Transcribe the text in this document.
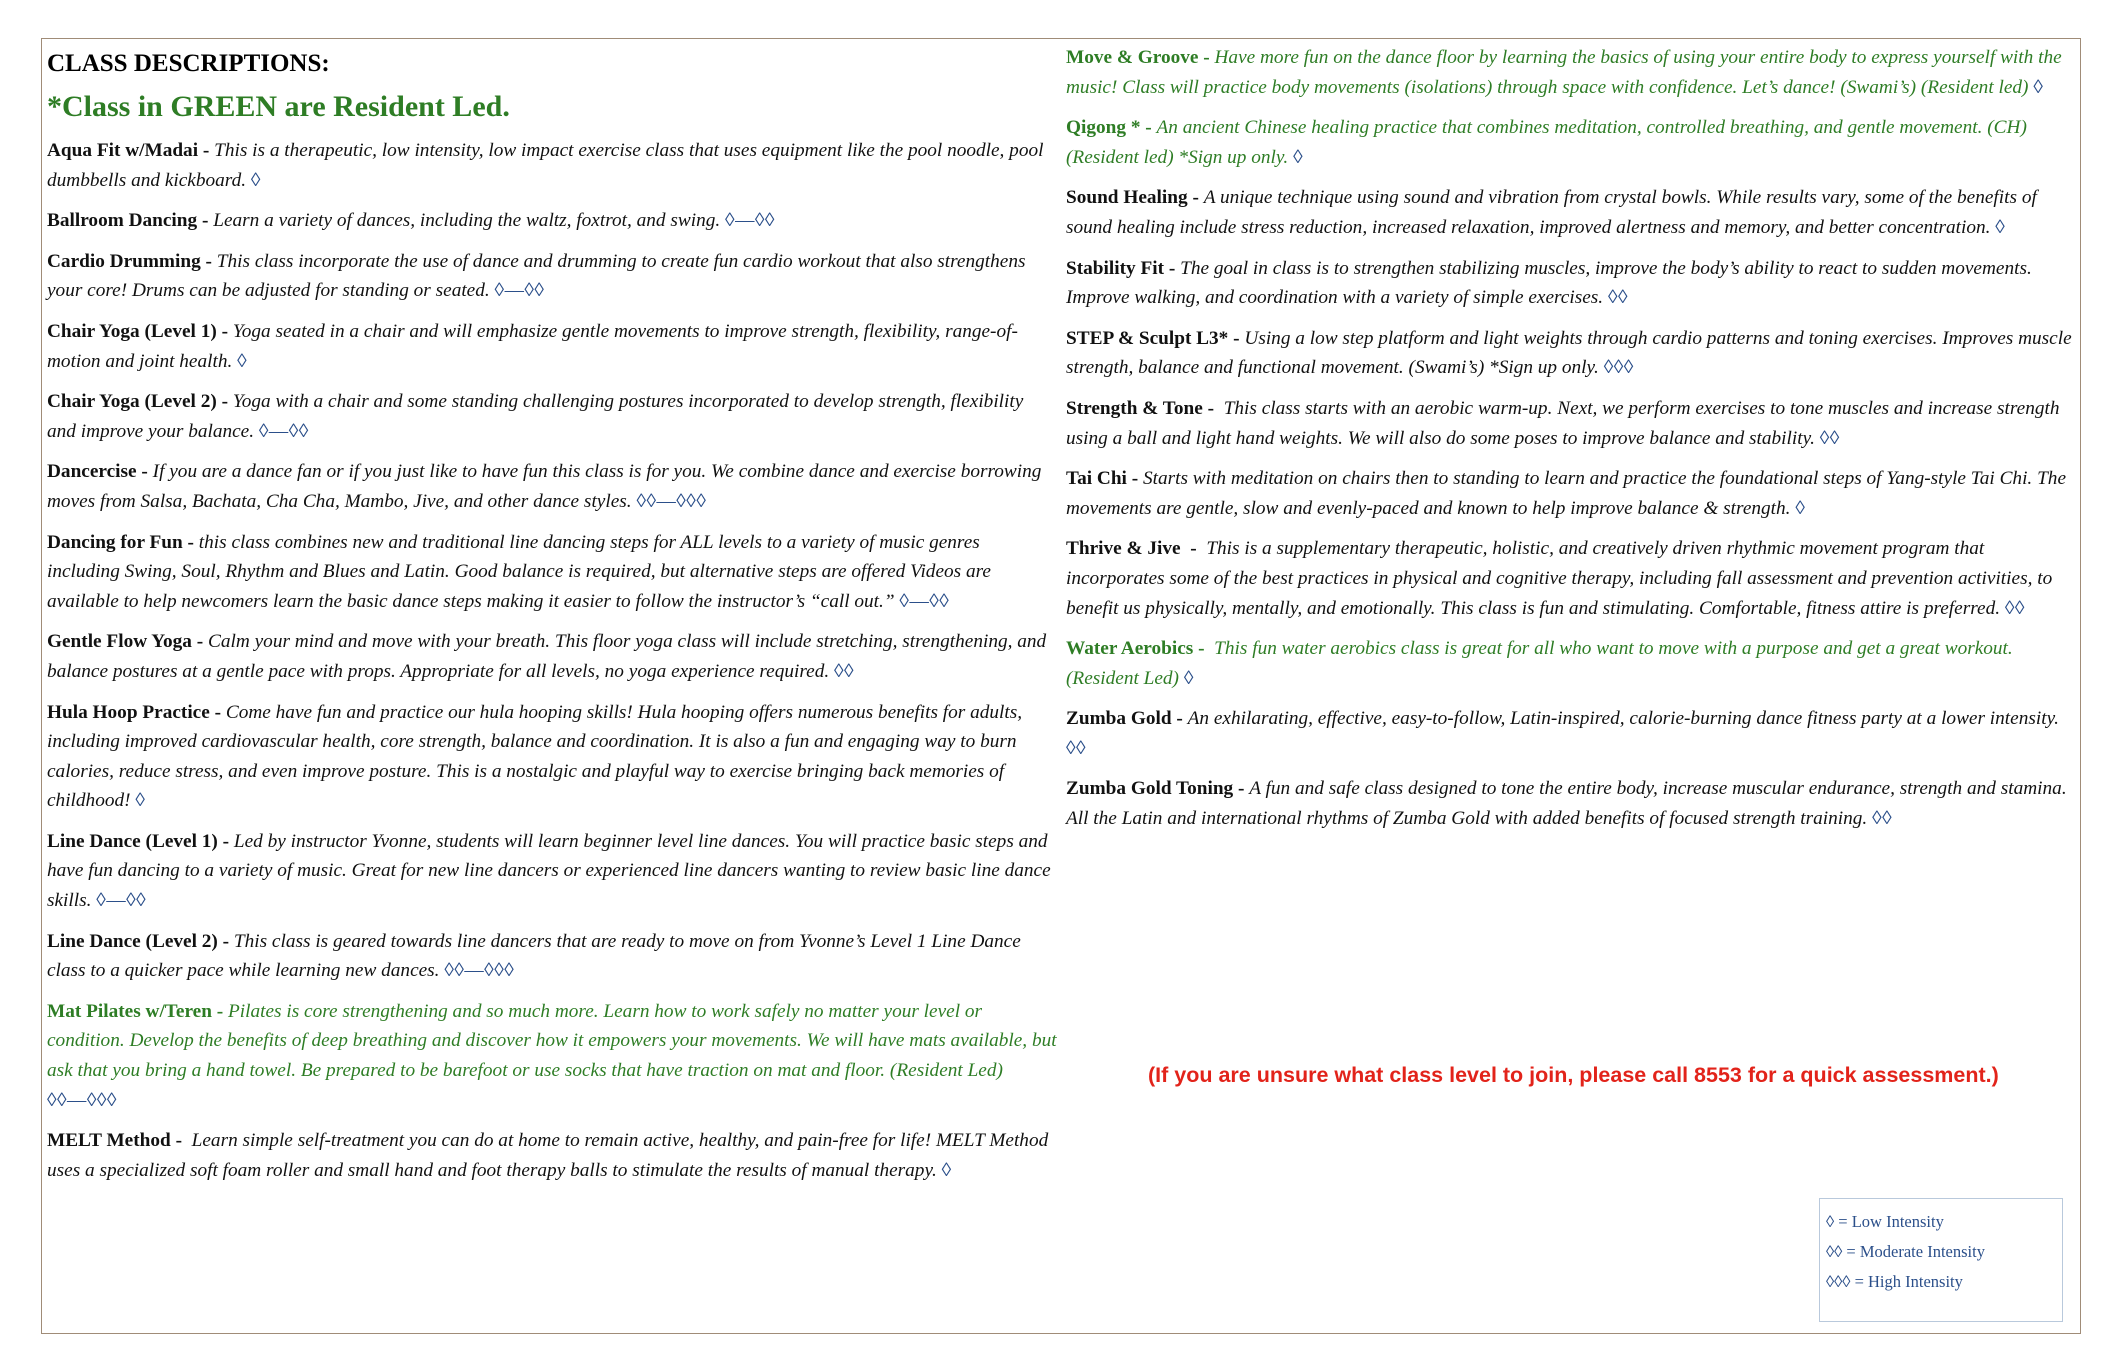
CLASS DESCRIPTIONS:
*Class in GREEN are Resident Led.
Aqua Fit w/Madai - This is a therapeutic, low intensity, low impact exercise class that uses equipment like the pool noodle, pool dumbbells and kickboard. ◊
Ballroom Dancing - Learn a variety of dances, including the waltz, foxtrot, and swing. ◊—◊◊
Cardio Drumming - This class incorporate the use of dance and drumming to create fun cardio workout that also strengthens your core! Drums can be adjusted for standing or seated. ◊—◊◊
Chair Yoga (Level 1) - Yoga seated in a chair and will emphasize gentle movements to improve strength, flexibility, range-of-motion and joint health. ◊
Chair Yoga (Level 2) - Yoga with a chair and some standing challenging postures incorporated to develop strength, flexibility and improve your balance. ◊—◊◊
Dancercise - If you are a dance fan or if you just like to have fun this class is for you. We combine dance and exercise borrowing moves from Salsa, Bachata, Cha Cha, Mambo, Jive, and other dance styles. ◊◊—◊◊◊
Dancing for Fun - this class combines new and traditional line dancing steps for ALL levels to a variety of music genres including Swing, Soul, Rhythm and Blues and Latin. Good balance is required, but alternative steps are offered Videos are available to help newcomers learn the basic dance steps making it easier to follow the instructor’s “call out.” ◊—◊◊
Gentle Flow Yoga - Calm your mind and move with your breath. This floor yoga class will include stretching, strengthening, and balance postures at a gentle pace with props. Appropriate for all levels, no yoga experience required. ◊◊
Hula Hoop Practice - Come have fun and practice our hula hooping skills! Hula hooping offers numerous benefits for adults, including improved cardiovascular health, core strength, balance and coordination. It is also a fun and engaging way to burn calories, reduce stress, and even improve posture. This is a nostalgic and playful way to exercise bringing back memories of childhood! ◊
Line Dance (Level 1) - Led by instructor Yvonne, students will learn beginner level line dances. You will practice basic steps and have fun dancing to a variety of music. Great for new line dancers or experienced line dancers wanting to review basic line dance skills. ◊—◊◊
Line Dance (Level 2) - This class is geared towards line dancers that are ready to move on from Yvonne’s Level 1 Line Dance class to a quicker pace while learning new dances. ◊◊—◊◊◊
Mat Pilates w/Teren - Pilates is core strengthening and so much more. Learn how to work safely no matter your level or condition. Develop the benefits of deep breathing and discover how it empowers your movements. We will have mats available, but ask that you bring a hand towel. Be prepared to be barefoot or use socks that have traction on mat and floor. (Resident Led) ◊◊—◊◊◊
MELT Method -  Learn simple self-treatment you can do at home to remain active, healthy, and pain-free for life! MELT Method uses a specialized soft foam roller and small hand and foot therapy balls to stimulate the results of manual therapy. ◊
Move & Groove - Have more fun on the dance floor by learning the basics of using your entire body to express yourself with the music! Class will practice body movements (isolations) through space with confidence. Let’s dance! (Swami’s) (Resident led) ◊
Qigong * - An ancient Chinese healing practice that combines meditation, controlled breathing, and gentle movement. (CH) (Resident led) *Sign up only. ◊
Sound Healing - A unique technique using sound and vibration from crystal bowls. While results vary, some of the benefits of sound healing include stress reduction, increased relaxation, improved alertness and memory, and better concentration. ◊
Stability Fit - The goal in class is to strengthen stabilizing muscles, improve the body’s ability to react to sudden movements. Improve walking, and coordination with a variety of simple exercises. ◊◊
STEP & Sculpt L3* - Using a low step platform and light weights through cardio patterns and toning exercises. Improves muscle strength, balance and functional movement. (Swami’s) *Sign up only. ◊◊◊
Strength & Tone -  This class starts with an aerobic warm-up. Next, we perform exercises to tone muscles and increase strength using a ball and light hand weights. We will also do some poses to improve balance and stability. ◊◊
Tai Chi - Starts with meditation on chairs then to standing to learn and practice the foundational steps of Yang-style Tai Chi. The movements are gentle, slow and evenly-paced and known to help improve balance & strength. ◊
Thrive & Jive  -  This is a supplementary therapeutic, holistic, and creatively driven rhythmic movement program that incorporates some of the best practices in physical and cognitive therapy, including fall assessment and prevention activities, to benefit us physically, mentally, and emotionally. This class is fun and stimulating. Comfortable, fitness attire is preferred. ◊◊
Water Aerobics -  This fun water aerobics class is great for all who want to move with a purpose and get a great workout. (Resident Led) ◊
Zumba Gold - An exhilarating, effective, easy-to-follow, Latin-inspired, calorie-burning dance fitness party at a lower intensity. ◊◊
Zumba Gold Toning - A fun and safe class designed to tone the entire body, increase muscular endurance, strength and stamina. All the Latin and international rhythms of Zumba Gold with added benefits of focused strength training. ◊◊
(If you are unsure what class level to join, please call 8553 for a quick assessment.)
◊ = Low Intensity
◊◊ = Moderate Intensity
◊◊◊ = High Intensity
